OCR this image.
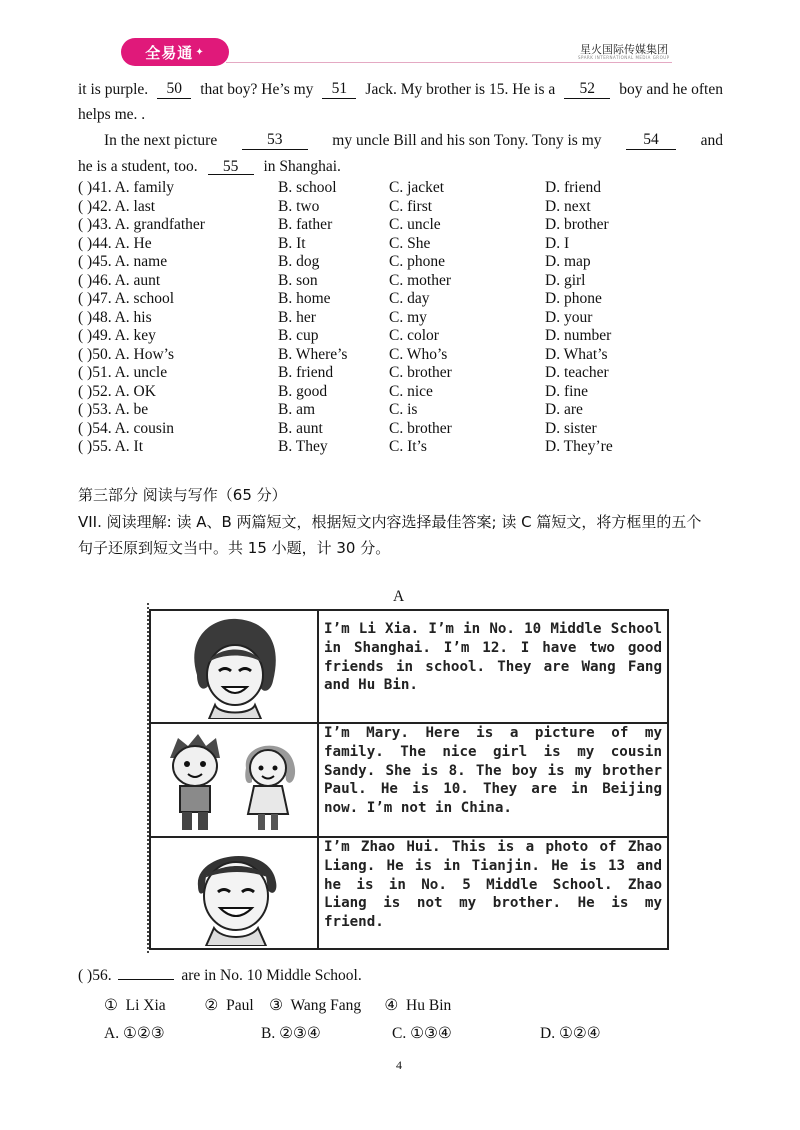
全易通 ✦	星火国际传媒集团
SPARK INTERNATIONAL MEDIA GROUP
it is purple.	50	that boy? He’s my	51	Jack. My brother is 15. He is a	52	boy and he often
helps me. .
In the next picture	53	my uncle Bill and his son Tony. Tony is my	54	and
he is a student, too. 55 in Shanghai.
( )41. A. family	B. school	C. jacket	D. friend
( )42. A. last	B. two	C. first	D. next
( )43. A. grandfather	B. father	C. uncle	D. brother
( )44. A. He	B. It	C. She	D. I
( )45. A. name	B. dog	C. phone	D. map
( )46. A. aunt	B. son	C. mother	D. girl
( )47. A. school	B. home	C. day	D. phone
( )48. A. his	B. her	C. my	D. your
( )49. A. key	B. cup	C. color	D. number
( )50. A. How’s	B. Where’s	C. Who’s	D. What’s
( )51. A. uncle	B. friend	C. brother	D. teacher
( )52. A. OK	B. good	C. nice	D. fine
( )53. A. be	B. am	C. is	D. are
( )54. A. cousin	B. aunt	C. brother	D. sister
( )55. A. It	B. They	C. It’s	D. They’re
第三部分 阅读与写作（65 分）
VII. 阅读理解: 读 A、B 两篇短文，根据短文内容选择最佳答案; 读 C 篇短文，将方框里的五个
句子还原到短文当中。共 15 小题，计 30 分。
A
I’m Li Xia. I’m in No. 10 Middle School in Shanghai. I’m 12. I have two good friends in school. They are Wang Fang and Hu Bin.
I’m Mary. Here is a picture of my family. The nice girl is my cousin Sandy. She is 8. The boy is my brother Paul. He is 10. They are in Beijing now. I’m not in China.
I’m Zhao Hui. This is a photo of Zhao Liang. He is in Tianjin. He is 13 and he is in No. 5 Middle School. Zhao Liang is not my brother. He is my friend.
( )56.	are in No. 10 Middle School.
①  Li Xia          ②  Paul    ③  Wang Fang      ④  Hu Bin
A. ①②③	B. ②③④	C. ①③④	D. ①②④
4
